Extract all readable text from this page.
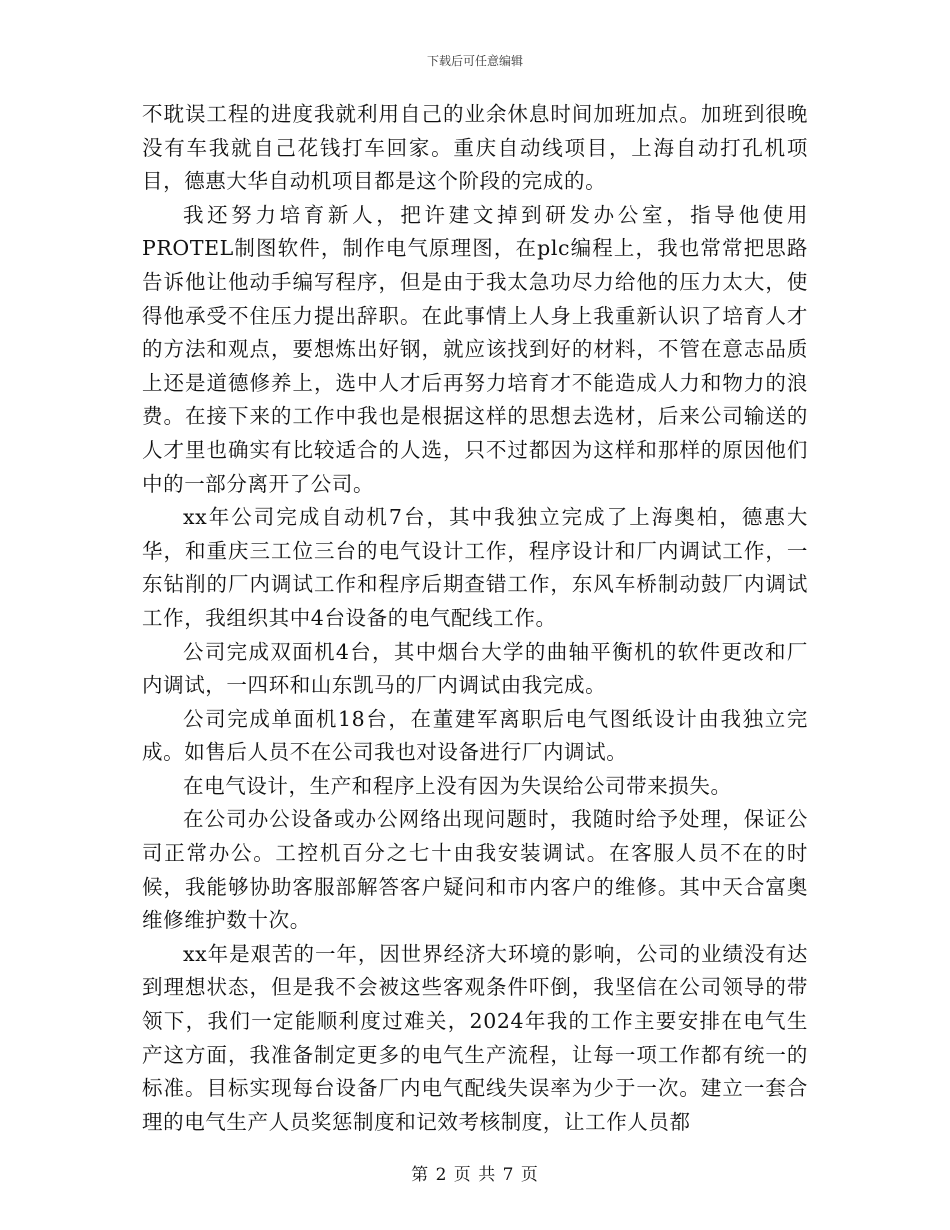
下载后可任意编辑

不耽误工程的进度我就利用自己的业余休息时间加班加点。加班到很晚没有车我就自己花钱打车回家。重庆自动线项目，上海自动打孔机项目，德惠大华自动机项目都是这个阶段的完成的。

我还努力培育新人，把许建文掉到研发办公室，指导他使用PROTEL制图软件，制作电气原理图，在plc编程上，我也常常把思路告诉他让他动手编写程序，但是由于我太急功尽力给他的压力太大，使得他承受不住压力提出辞职。在此事情上人身上我重新认识了培育人才的方法和观点，要想炼出好钢，就应该找到好的材料，不管在意志品质上还是道德修养上，选中人才后再努力培育才不能造成人力和物力的浪费。在接下来的工作中我也是根据这样的思想去选材，后来公司输送的人才里也确实有比较适合的人选，只不过都因为这样和那样的原因他们中的一部分离开了公司。

xx年公司完成自动机7台，其中我独立完成了上海奥柏，德惠大华，和重庆三工位三台的电气设计工作，程序设计和厂内调试工作，一东钻削的厂内调试工作和程序后期查错工作，东风车桥制动鼓厂内调试工作，我组织其中4台设备的电气配线工作。

公司完成双面机4台，其中烟台大学的曲轴平衡机的软件更改和厂内调试，一四环和山东凯马的厂内调试由我完成。

公司完成单面机18台，在董建军离职后电气图纸设计由我独立完成。如售后人员不在公司我也对设备进行厂内调试。

在电气设计，生产和程序上没有因为失误给公司带来损失。

在公司办公设备或办公网络出现问题时，我随时给予处理，保证公司正常办公。工控机百分之七十由我安装调试。在客服人员不在的时候，我能够协助客服部解答客户疑问和市内客户的维修。其中天合富奥维修维护数十次。

xx年是艰苦的一年，因世界经济大环境的影响，公司的业绩没有达到理想状态，但是我不会被这些客观条件吓倒，我坚信在公司领导的带领下，我们一定能顺利度过难关，2024年我的工作主要安排在电气生产这方面，我准备制定更多的电气生产流程，让每一项工作都有统一的标准。目标实现每台设备厂内电气配线失误率为少于一次。建立一套合理的电气生产人员奖惩制度和记效考核制度，让工作人员都

第 2 页 共 7 页
